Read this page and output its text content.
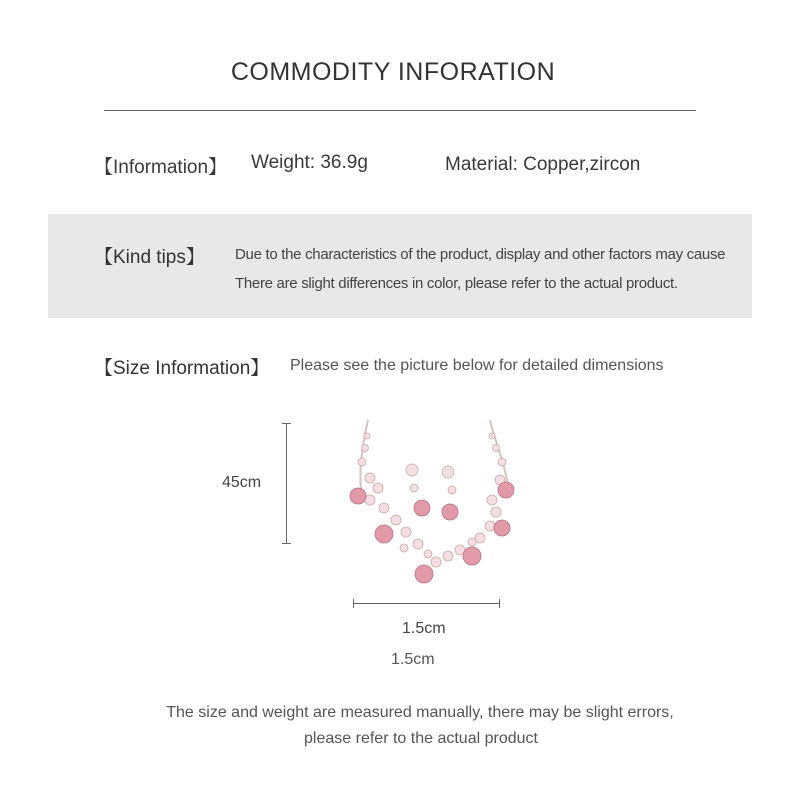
COMMODITY INFORATION
【Information】 Weight: 36.9g	Material: Copper,zircon
【Kind tips】 Due to the characteristics of the product, display and other factors may cause
There are slight differences in color, please refer to the actual product.
【Size Information】 Please see the picture below for detailed dimensions
45cm
1.5cm
1.5cm
The size and weight are measured manually, there may be slight errors,
please refer to the actual product
